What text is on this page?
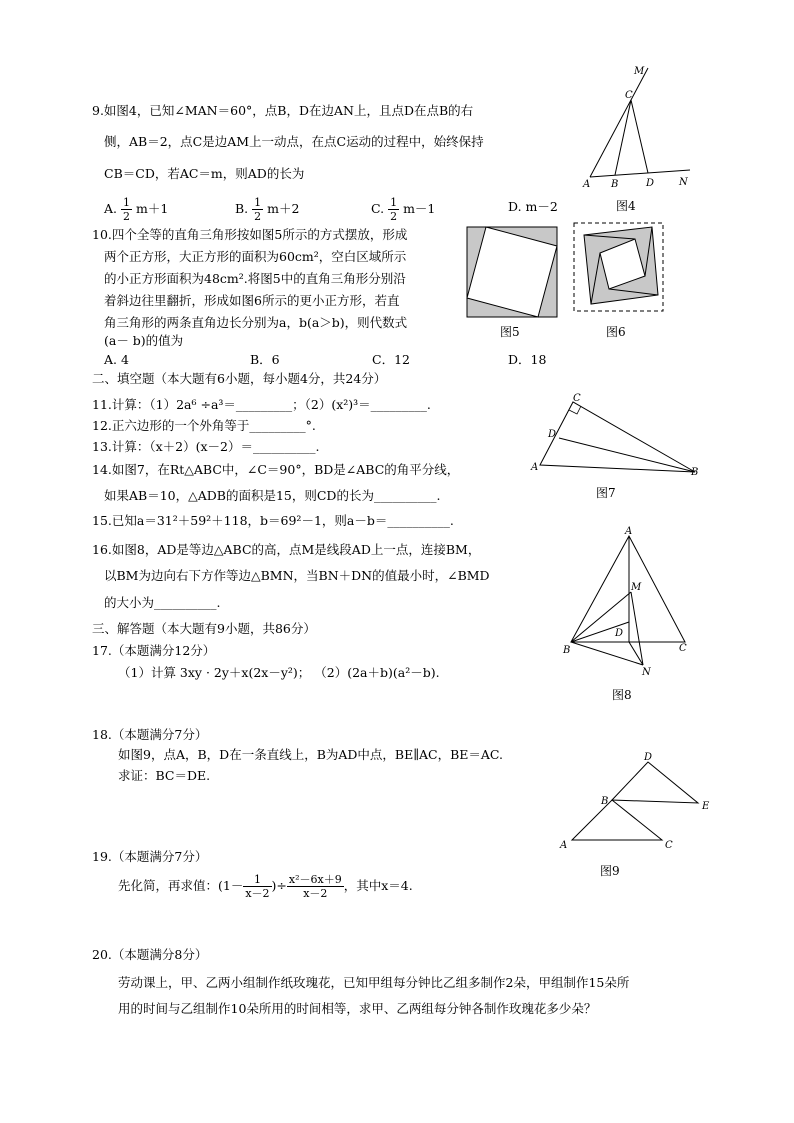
9.如图4，已知∠MAN＝60°，点B，D在边AN上，且点D在点B的右
侧，AB＝2，点C是边AM上一动点，在点C运动的过程中，始终保持
CB＝CD，若AC＝m，则AD的长为
A. $\frac{1}{2} m+1$	B. $\frac{1}{2} m+2$	C. $\frac{1}{2} m-1$	D. m－2
M
C
A B	D N
图4
10.四个全等的直角三角形按如图5所示的方式摆放，形成
两个正方形，大正方形的面积为60cm²，空白区域所示
的小正方形面积为48cm².将图5中的直角三角形分别沿
着斜边往里翻折，形成如图6所示的更小正方形，若直
角三角形的两条直角边长分别为a，b(a＞b)，则代数式
(a－ b)的值为
A. 4	B．6	C．12	D．18
图5	图6
二、填空题（本大题有6小题，每小题4分，共24分）
11.计算：（1）2a⁶ ÷a³＝_________；（2）(x²)³＝_________.
12.正六边形的一个外角等于_________°.
13.计算：（x＋2）(x－2）＝__________.
14.如图7，在Rt△ABC中，∠C＝90°，BD是∠ABC的角平分线，
如果AB＝10，△ADB的面积是15，则CD的长为__________.
C
D
A	B
图7
15.已知a＝31²＋59²＋118，b＝69²－1，则a－b＝__________.
16.如图8，AD是等边△ABC的高，点M是线段AD上一点，连接BM，
以BM为边向右下方作等边△BMN，当BN＋DN的值最小时，∠BMD
的大小为__________.
A
M
D
B	C
N
图8
三、解答题（本大题有9小题，共86分）
17.（本题满分12分）
（1）计算 3xy · 2y＋x(2x－y²)； （2）(2a＋b)(a²－b).
18.（本题满分7分）
如图9，点A，B，D在一条直线上，B为AD中点，BE∥AC，BE＝AC.
求证：BC＝DE.
D
B	E
A	C
图9
19.（本题满分7分）
先化简，再求值：($1- \frac{1}{x-2}$ )÷ $\frac{\text{x²－6x＋9}}{x-2}$ ，其中x＝4.
20.（本题满分8分）
劳动课上，甲、乙两小组制作纸玫瑰花，已知甲组每分钟比乙组多制作2朵，甲组制作15朵所
用的时间与乙组制作10朵所用的时间相等，求甲、乙两组每分钟各制作玫瑰花多少朵？
